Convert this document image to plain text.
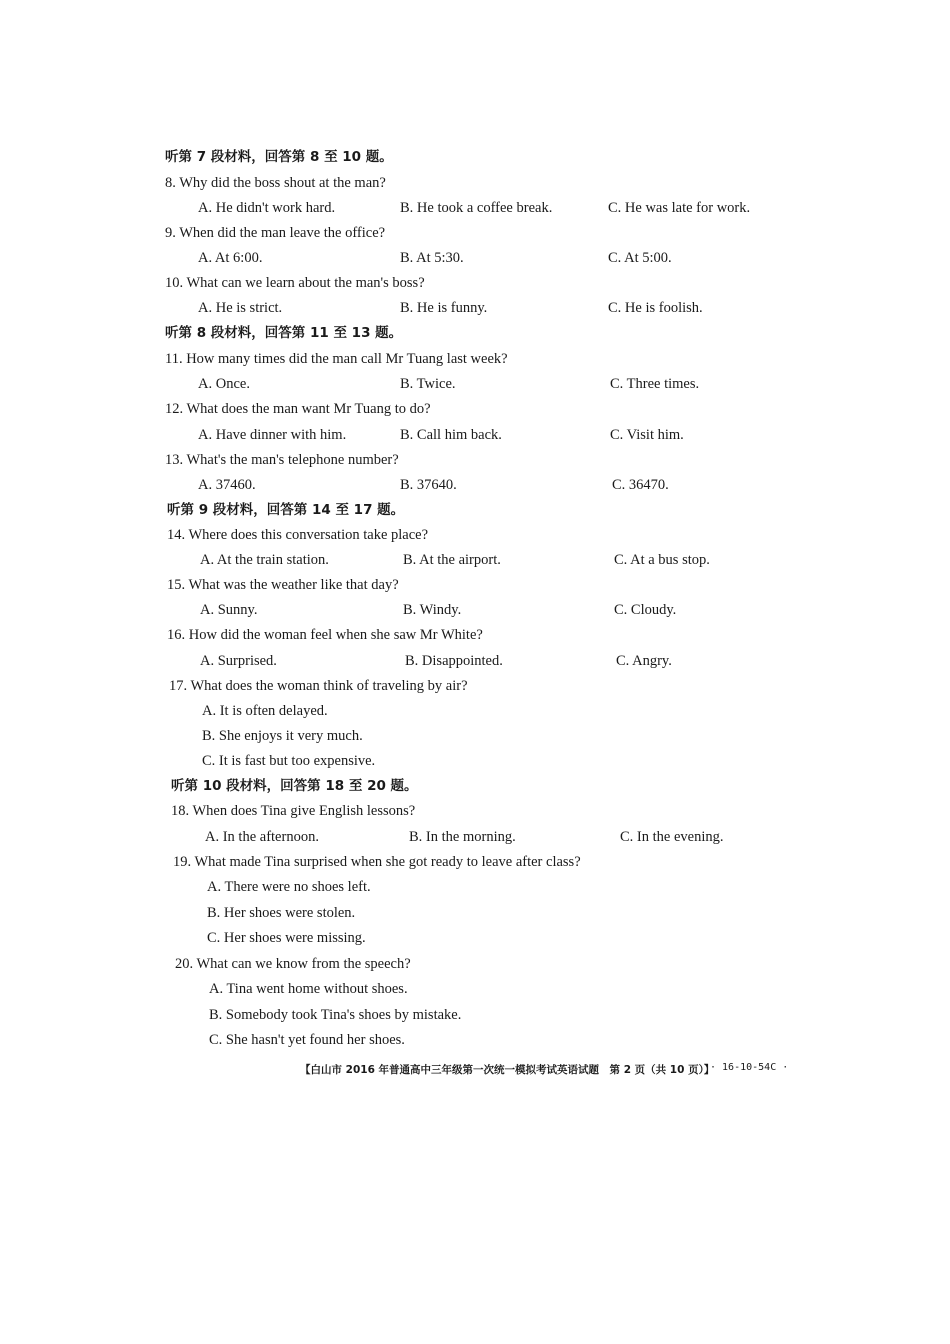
听第 7 段材料，回答第 8 至 10 题。
8. Why did the boss shout at the man?
A. He didn't work hard.	B. He took a coffee break.	C. He was late for work.
9. When did the man leave the office?
A. At 6:00.	B. At 5:30.	C. At 5:00.
10. What can we learn about the man's boss?
A. He is strict.	B. He is funny.	C. He is foolish.
听第 8 段材料，回答第 11 至 13 题。
11. How many times did the man call Mr Tuang last week?
A. Once.	B. Twice.	C. Three times.
12. What does the man want Mr Tuang to do?
A. Have dinner with him.	B. Call him back.	C. Visit him.
13. What's the man's telephone number?
A. 37460.	B. 37640.	C. 36470.
听第 9 段材料，回答第 14 至 17 题。
14. Where does this conversation take place?
A. At the train station.	B. At the airport.	C. At a bus stop.
15. What was the weather like that day?
A. Sunny.	B. Windy.	C. Cloudy.
16. How did the woman feel when she saw Mr White?
A. Surprised.	B. Disappointed.	C. Angry.
17. What does the woman think of traveling by air?
A. It is often delayed.
B. She enjoys it very much.
C. It is fast but too expensive.
听第 10 段材料，回答第 18 至 20 题。
18. When does Tina give English lessons?
A. In the afternoon.	B. In the morning.	C. In the evening.
19. What made Tina surprised when she got ready to leave after class?
A. There were no shoes left.
B. Her shoes were stolen.
C. Her shoes were missing.
20. What can we know from the speech?
A. Tina went home without shoes.
B. Somebody took Tina's shoes by mistake.
C. She hasn't yet found her shoes.
【白山市 2016 年普通高中三年级第一次统一模拟考试英语试题　第 2 页（共 10 页）】
· 16-10-54C ·
